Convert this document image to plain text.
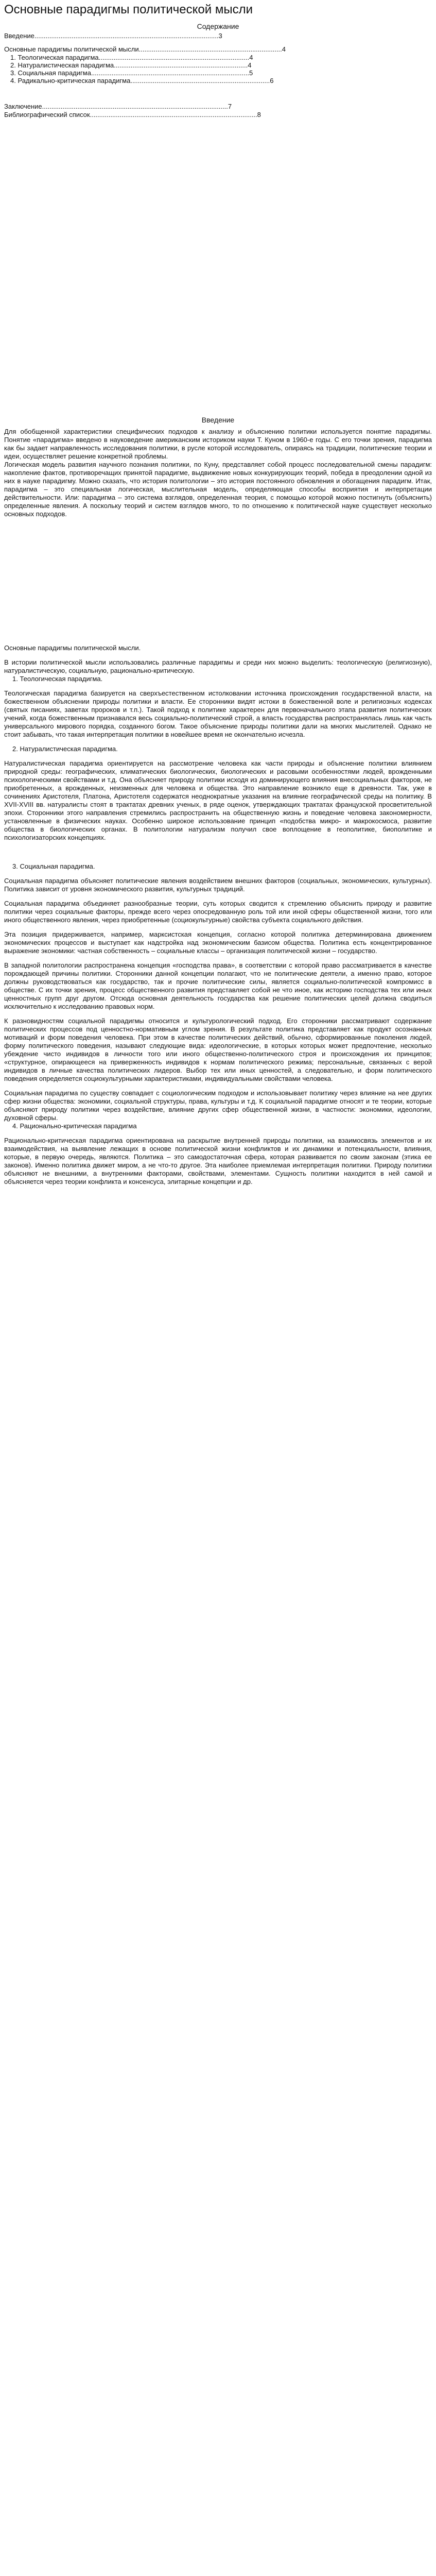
Основные парадигмы политической мысли
Содержание
Введение...................................................................................................3
Основные парадигмы политической мысли.............................................................................4
1. Теологическая парадигма.................................................................................4
2. Натуралистическая парадигма........................................................................4
3. Социальная парадигма.....................................................................................5
4. Радикально-критическая парадигма...........................................................................6
Заключение....................................................................................................7
Библиографический список..........................................................................................8
Введение

Для обобщенной характеристики специфических подходов к анализу и объяснению политики используется понятие парадигмы. Понятие «парадигма» введено в науковедение американским историком науки Т. Куном в 1960-е годы. С его точки зрения, парадигма как бы задает направленность исследования политики, в русле которой исследователь, опираясь на традиции, политические теории и идеи, осуществляет решение конкретной проблемы.

Логическая модель развития научного познания политики, по Куну, представляет собой процесс последовательной смены парадигм: накопление фактов, противоречащих принятой парадигме, выдвижение новых конкурирующих теорий, победа в преодолении одной из них в науке парадигму. Можно сказать, что история политологии – это история постоянного обновления и обогащения парадигм. Итак, парадигма – это специальная логическая, мыслительная модель, определяющая способы восприятия и интерпретации действительности. Или: парадигма – это система взглядов, определенная теория, с помощью которой можно постигнуть (объяснить) определенные явления. А поскольку теорий и систем взглядов много, то по отношению к политической науке существует несколько основных подходов.

Основные парадигмы политической мысли.

В истории политической мысли использовались различные парадигмы и среди них можно выделить: теологическую (религиозную), натуралистическую, социальную, рационально-критическую.

1. Теологическая парадигма.

Теологическая парадигма базируется на сверхъестественном истолковании источника происхождения государственной власти, на божественном объяснении природы политики и власти. Ее сторонники видят истоки в божественной воле и религиозных кодексах (святых писаниях, заветах пророков и т.п.). Такой подход к политике характерен для первоначального этапа развития политических учений, когда божественным признавался весь социально-политический строй, а власть государства распространялась лишь как часть универсального мирового порядка, созданного богом. Такое объяснение природы политики дали на многих мыслителей. Однако не стоит забывать, что такая интерпретация политики в новейшее время не окончательно исчезла.

2. Натуралистическая парадигма.

Натуралистическая парадигма ориентируется на рассмотрение человека как части природы и объяснение политики влиянием природной среды: географических, климатических биологических, биологических и расовыми особенностями людей, врожденными психологическими свойствами и т.д. Она объясняет природу политики исходя из доминирующего влияния внесоциальных факторов, не приобретенных, а врожденных, неизменных для человека и общества. Это направление возникло еще в древности. Так, уже в сочинениях Аристотеля, Платона, Аристотеля содержатся неоднократные указания на влияние географической среды на политику. В XVII-XVIII вв. натуралисты стоят в трактатах древних ученых, в ряде оценок, утверждающих трактатах французской просветительной эпохи. Сторонники этого направления стремились распространить на общественную жизнь и поведение человека закономерности, установленные в физических науках. Особенно широкое использование принцип «подобства микро- и макрокосмоса, развитие общества в биологических органах. В политологии натурализм получил свое воплощение в геополитике, биополитике и психологизаторских концепциях.

3. Социальная парадигма.

Социальная парадигма объясняет политические явления воздействием внешних факторов (социальных, экономических, культурных). Политика зависит от уровня экономического развития, культурных традиций.

Социальная парадигма объединяет разнообразные теории, суть которых сводится к стремлению объяснить природу и развитие политики через социальные факторы, прежде всего через опосредованную роль той или иной сферы общественной жизни, того или иного общественного явления, через приобретенные (социокультурные) свойства субъекта социального действия.

Эта позиция придерживается, например, марксистская концепция, согласно которой политика детерминирована движением экономических процессов и выступает как надстройка над экономическим базисом общества. Политика есть концентрированное выражение экономики: частная собственность – социальные классы – организация политической жизни – государство.

В западной политологии распространена концепция «господства права», в соответствии с которой право рассматривается в качестве порождающей причины политики. Сторонники данной концепции полагают, что не политические деятели, а именно право, которое должны руководствоваться как государство, так и прочие политические силы, является социально-политической компромисс в обществе. С их точки зрения, процесс общественного развития представляет собой не что иное, как историю господства тех или иных ценностных групп друг другом. Отсюда основная деятельность государства как решение политических целей должна сводиться исключительно к исследованию правовых норм.

К разновидностям социальной парадигмы относится и культурологический подход. Его сторонники рассматривают содержание политических процессов под ценностно-нормативным углом зрения. В результате политика представляет как продукт осознанных мотиваций и форм поведения человека. При этом в качестве политических действий, обычно, сформированные поколения людей, форму политического поведения, называют следующие вида: идеологические, в которых которых может предпочтение, несколько убеждение чисто индивидов в личности того или иного общественно-политического строя и происхождения их принципов; «структурное, опирающееся на приверженность индивидов к нормам политического режима; персональные, связанных с верой индивидов в личные качества политических лидеров. Выбор тех или иных ценностей, а следовательно, и форм политического поведения определяется социокультурными характеристиками, индивидуальными свойствами человека.

Социальная парадигма по существу совпадает с социологическим подходом и использовывает политику через влияние на нее других сфер жизни общества: экономики, социальной структуры, права, культуры и т.д. К социальной парадигме относят и те теории, которые объясняют природу политики через воздействие, влияние других сфер общественной жизни, в частности: экономики, идеологии, духовной сферы.

4. Рационально-критическая парадигма

Рационально-критическая парадигма ориентирована на раскрытие внутренней природы политики, на взаимосвязь элементов и их взаимодействия, на выявление лежащих в основе политической жизни конфликтов и их динамики и потенциальности, влияния, которые, в первую очередь, являются. Политика – это самодостаточная сфера, которая развивается по своим законам (этика ее законов). Именно политика движет миром, а не что-то другое. Эта наиболее приемлемая интерпретация политики. Природу политики объясняют не внешними, а внутренними факторами, свойствами, элементами. Сущность политики находится в ней самой и объясняется через теории конфликта и консенсуса, элитарные концепции и др.
